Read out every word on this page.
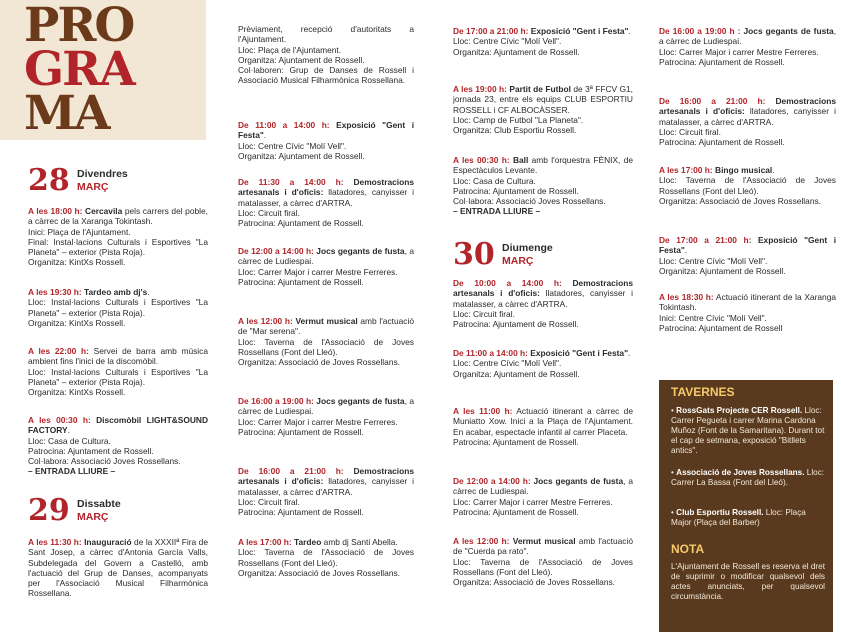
PRO
GRA
MA
28 Divendres
MARÇ

A les 18:00 h: Cercavila pels carrers del poble, a càrrec de la Xaranga Tokintash.

Inici: Plaça de l'Ajuntament.

Final: Instal·lacions Culturals i Esportives "La Planeta" – exterior (Pista Roja).

Organitza: KintXs Rossell.

A les 19:30 h: Tardeo amb dj's.

Lloc: Instal·lacions Culturals i Esportives "La Planeta" – exterior (Pista Roja).

Organitza: KintXs Rossell.

A les 22:00 h: Servei de barra amb música ambient fins l'inici de la discomòbil.

Lloc: Instal·lacions Culturals i Esportives "La Planeta" – exterior (Pista Roja).

Organitza: KintXs Rossell.

A les 00:30 h: Discomòbil LIGHT&SOUND FACTORY.

Lloc: Casa de Cultura.

Patrocina: Ajuntament de Rossell.

Col·labora: Associació Joves Rossellans.

– ENTRADA LLIURE –

29 Dissabte
MARÇ

A les 11:30 h: Inauguració de la XXXIIª Fira de Sant Josep, a càrrec d'Antonia García Valls, Subdelegada del Govern a Castelló, amb l'actuació del Grup de Danses, acompanyats per l'Associació Musical Filharmònica Rossellana.

Prèviament, recepció d'autoritats a l'Ajuntament.

Lloc: Plaça de l'Ajuntament.

Organitza: Ajuntament de Rossell.

Col·laboren: Grup de Danses de Rossell i Associació Musical Filharmònica Rossellana.

De 11:00 a 14:00 h: Exposició "Gent i Festa".

Lloc: Centre Cívic "Molí Vell".

Organitza: Ajuntament de Rossell.

De 11:30 a 14:00 h: Demostracions artesanals i d'oficis: llatadores, canyisser i matalasser, a càrrec d'ARTRA.

Lloc: Circuit firal.

Patrocina: Ajuntament de Rossell.

De 12:00 a 14:00 h: Jocs gegants de fusta, a càrrec de Ludiespai.

Lloc: Carrer Major i carrer Mestre Ferreres.

Patrocina: Ajuntament de Rossell.

A les 12:00 h: Vermut musical amb l'actuació de "Mar serena".

Lloc: Taverna de l'Associació de Joves Rossellans (Font del Lleó).

Organitza: Associació de Joves Rossellans.

De 16:00 a 19:00 h: Jocs gegants de fusta, a càrrec de Ludiespai.

Lloc: Carrer Major i carrer Mestre Ferreres.

Patrocina: Ajuntament de Rossell.

De 16:00 a 21:00 h: Demostracions artesanals i d'oficis: llatadores, canyisser i matalasser, a càrrec d'ARTRA.

Lloc: Circuit firal.

Patrocina: Ajuntament de Rossell.

A les 17:00 h: Tardeo amb dj Santi Abella.

Lloc: Taverna de l'Associació de Joves Rossellans (Font del Lleó).

Organitza: Associació de Joves Rossellans.

De 17:00 a 21:00 h: Exposició "Gent i Festa".

Lloc: Centre Cívic "Molí Vell".

Organitza: Ajuntament de Rossell.

A les 19:00 h: Partit de Futbol de 3ª FFCV G1, jornada 23, entre els equips CLUB ESPORTIU ROSSELL i CF ALBOCÀSSER.

Lloc: Camp de Futbol "La Planeta".

Organitza: Club Esportiu Rossell.

A les 00:30 h: Ball amb l'orquestra FÈNIX, de Espectàculos Levante.

Lloc: Casa de Cultura.

Patrocina: Ajuntament de Rossell.

Col·labora: Associació Joves Rossellans.

– ENTRADA LLIURE –

30 Diumenge
MARÇ

De 10:00 a 14:00 h: Demostracions artesanals i d'oficis: llatadores, canyisser i matalasser, a càrrec d'ARTRA.

Lloc: Circuit firal.

Patrocina: Ajuntament de Rossell.

De 11:00 a 14:00 h: Exposició "Gent i Festa".

Lloc: Centre Cívic "Molí Vell".

Organitza: Ajuntament de Rossell.

A les 11:00 h: Actuació itinerant a càrrec de Muniatto Xow. Inici a la Plaça de l'Ajuntament. En acabar, espectacle infantil al carrer Placeta.

Patrocina: Ajuntament de Rossell.

De 12:00 a 14:00 h: Jocs gegants de fusta, a càrrec de Ludiespai.

Lloc: Carrer Major i carrer Mestre Ferreres.

Patrocina: Ajuntament de Rossell.

A les 12:00 h: Vermut musical amb l'actuació de "Cuerda pa rato".

Lloc: Taverna de l'Associació de Joves Rossellans (Font del Lleó).

Organitza: Associació de Joves Rossellans.

De 16:00 a 19:00 h : Jocs gegants de fusta, a càrrec de Ludiespai.

Lloc: Carrer Major i carrer Mestre Ferreres.

Patrocina: Ajuntament de Rossell.

De 16:00 a 21:00 h: Demostracions artesanals i d'oficis: llatadores, canyisser i matalasser, a càrrec d'ARTRA.

Lloc: Circuit firal.

Patrocina: Ajuntament de Rossell.

A les 17:00 h: Bingo musical.

Lloc: Taverna de l'Associació de Joves Rossellans (Font del Lleó).

Organitza: Associació de Joves Rossellans.

De 17:00 a 21:00 h: Exposició "Gent i Festa".

Lloc: Centre Cívic "Molí Vell".

Organitza: Ajuntament de Rossell.

A les 18:30 h: Actuació itinerant de la Xaranga Tokintash.

Inici: Centre Cívic "Molí Vell".

Patrocina: Ajuntament de Rossell

TAVERNES
• RossGats Projecte CER Rossell. Lloc: Carrer Pegueta i carrer Marina Cardona Muñoz (Font de la Samaritana). Durant tot el cap de setmana, exposició "Bitllets antics".
• Associació de Joves Rossellans. Lloc: Carrer La Bassa (Font del Lleó).
• Club Esportiu Rossell. Lloc: Plaça Major (Plaça del Barber)
NOTA
L'Ajuntament de Rossell es reserva el dret de suprimir o modificar qualsevol dels actes anunciats, per qualsevol circumstància.
